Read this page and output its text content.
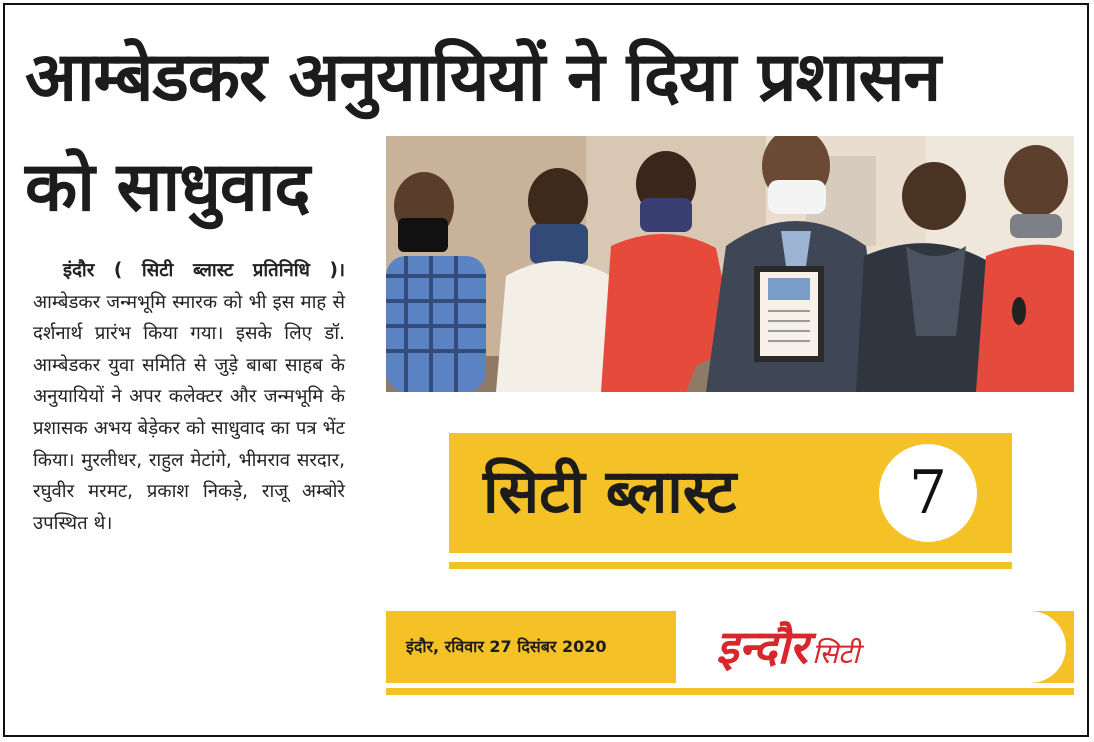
आम्बेडकर अनुयायियों ने दिया प्रशासन
को साधुवाद
इंदौर ( सिटी ब्लास्ट प्रतिनिधि )। आम्बेडकर जन्मभूमि स्मारक को भी इस माह से दर्शनार्थ प्रारंभ किया गया। इसके लिए डॉ. आम्बेडकर युवा समिति से जुड़े बाबा साहब के अनुयायियों ने अपर कलेक्टर और जन्मभूमि के प्रशासक अभय बेड़ेकर को साधुवाद का पत्र भेंट किया। मुरलीधर, राहुल मेटांगे, भीमराव सरदार, रघुवीर मरमट, प्रकाश निकड़े, राजू अम्बोरे उपस्थित थे।	सिटी ब्लास्ट	7
इंदौर, रविवार 27 दिसंबर 2020 इन्दौर सिटी
